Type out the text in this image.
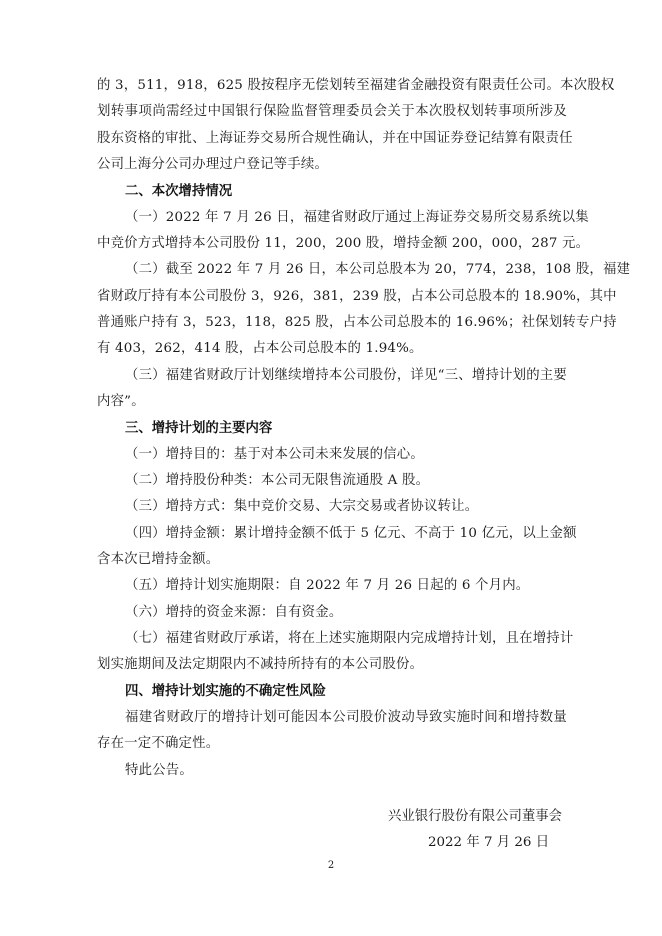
的 3，511，918，625 股按程序无偿划转至福建省金融投资有限责任公司。本次股权
划转事项尚需经过中国银行保险监督管理委员会关于本次股权划转事项所涉及
股东资格的审批、上海证券交易所合规性确认，并在中国证券登记结算有限责任
公司上海分公司办理过户登记等手续。
二、本次增持情况
（一）2022 年 7 月 26 日，福建省财政厅通过上海证券交易所交易系统以集
中竞价方式增持本公司股份 11，200，200 股，增持金额 200，000，287 元。
（二）截至 2022 年 7 月 26 日，本公司总股本为 20，774，238，108 股，福建
省财政厅持有本公司股份 3，926，381，239 股，占本公司总股本的 18.90%，其中
普通账户持有 3，523，118，825 股，占本公司总股本的 16.96%；社保划转专户持
有 403，262，414 股，占本公司总股本的 1.94%。
（三）福建省财政厅计划继续增持本公司股份，详见“三、增持计划的主要
内容”。
三、增持计划的主要内容
（一）增持目的：基于对本公司未来发展的信心。
（二）增持股份种类：本公司无限售流通股 A 股。
（三）增持方式：集中竞价交易、大宗交易或者协议转让。
（四）增持金额：累计增持金额不低于 5 亿元、不高于 10 亿元，以上金额
含本次已增持金额。
（五）增持计划实施期限：自 2022 年 7 月 26 日起的 6 个月内。
（六）增持的资金来源：自有资金。
（七）福建省财政厅承诺，将在上述实施期限内完成增持计划，且在增持计
划实施期间及法定期限内不减持所持有的本公司股份。
四、增持计划实施的不确定性风险
福建省财政厅的增持计划可能因本公司股价波动导致实施时间和增持数量
存在一定不确定性。
特此公告。
兴业银行股份有限公司董事会
2022 年 7 月 26 日
2
